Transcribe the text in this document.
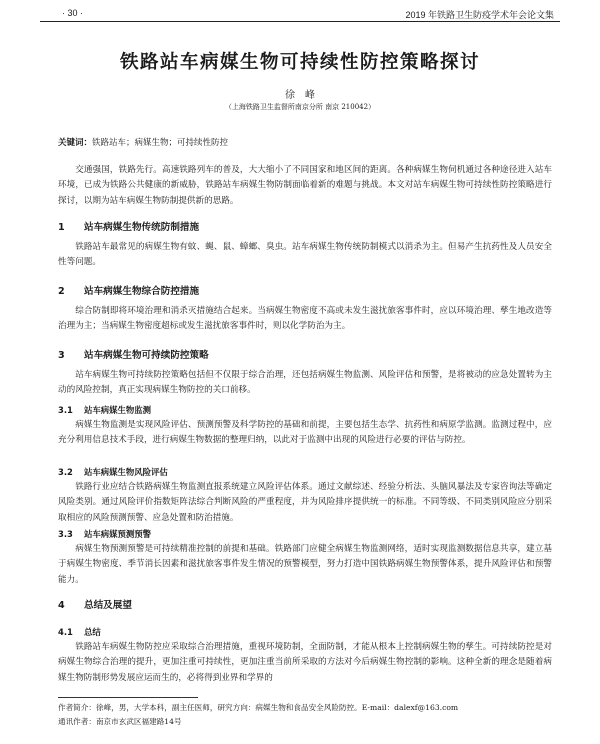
· 30 ·	2019 年铁路卫生防疫学术年会论文集
铁路站车病媒生物可持续性防控策略探讨
徐　峰
（上海铁路卫生监督所南京分所 南京 210042）
关键词：铁路站车；病媒生物；可持续性防控
交通强国，铁路先行。高速铁路列车的普及，大大缩小了不同国家和地区间的距离。各种病媒生物伺机通过各种途径进入站车环境，已成为铁路公共健康的新威胁，铁路站车病媒生物防制面临着新的难题与挑战。本文对站车病媒生物可持续性防控策略进行探讨，以期为站车病媒生物防制提供新的思路。
1 站车病媒生物传统防制措施
铁路站车最常见的病媒生物有蚊、蝇、鼠、蟑螂、臭虫。站车病媒生物传统防制模式以消杀为主。但易产生抗药性及人员安全性等问题。
2 站车病媒生物综合防控措施
综合防制即将环境治理和消杀灭措施结合起来。当病媒生物密度不高或未发生滋扰旅客事件时，应以环境治理、孳生地改造等治理为主；当病媒生物密度超标或发生滋扰旅客事件时，则以化学防治为主。
3 站车病媒生物可持续防控策略
站车病媒生物可持续防控策略包括但不仅限于综合治理，还包括病媒生物监测、风险评估和预警，是将被动的应急处置转为主动的风险控制，真正实现病媒生物防控的关口前移。
3.1 站车病媒生物监测
病媒生物监测是实现风险评估、预测预警及科学防控的基础和前提，主要包括生态学、抗药性和病原学监测。监测过程中，应充分利用信息技术手段，进行病媒生物数据的整理归纳，以此对于监测中出现的风险进行必要的评估与防控。
3.2 站车病媒生物风险评估
铁路行业应结合铁路病媒生物监测直报系统建立风险评估体系。通过文献综述、经验分析法、头脑风暴法及专家咨询法等确定风险类别。通过风险评价指数矩阵法综合判断风险的严重程度，并为风险排序提供统一的标准。不同等级、不同类别风险应分别采取相应的风险预测预警、应急处置和防治措施。
3.3 站车病媒预测预警
病媒生物预测预警是可持续精准控制的前提和基础。铁路部门应健全病媒生物监测网络，适时实现监测数据信息共享，建立基于病媒生物密度、季节消长因素和滋扰旅客事件发生情况的预警模型，努力打造中国铁路病媒生物预警体系，提升风险评估和预警能力。
4 总结及展望
4.1 总结
铁路站车病媒生物防控应采取综合治理措施，重视环境防制，全面防制，才能从根本上控制病媒生物的孳生。可持续防控是对病媒生物综合治理的提升，更加注重可持续性，更加注重当前所采取的方法对今后病媒生物控制的影响。这种全新的理念是随着病媒生物防制形势发展应运而生的，必将得到业界和学界的
作者简介：徐峰，男，大学本科，副主任医师，研究方向：病媒生物和食品安全风险防控。E-mail：dalexf@163.com
通讯作者：南京市玄武区福建路14号
